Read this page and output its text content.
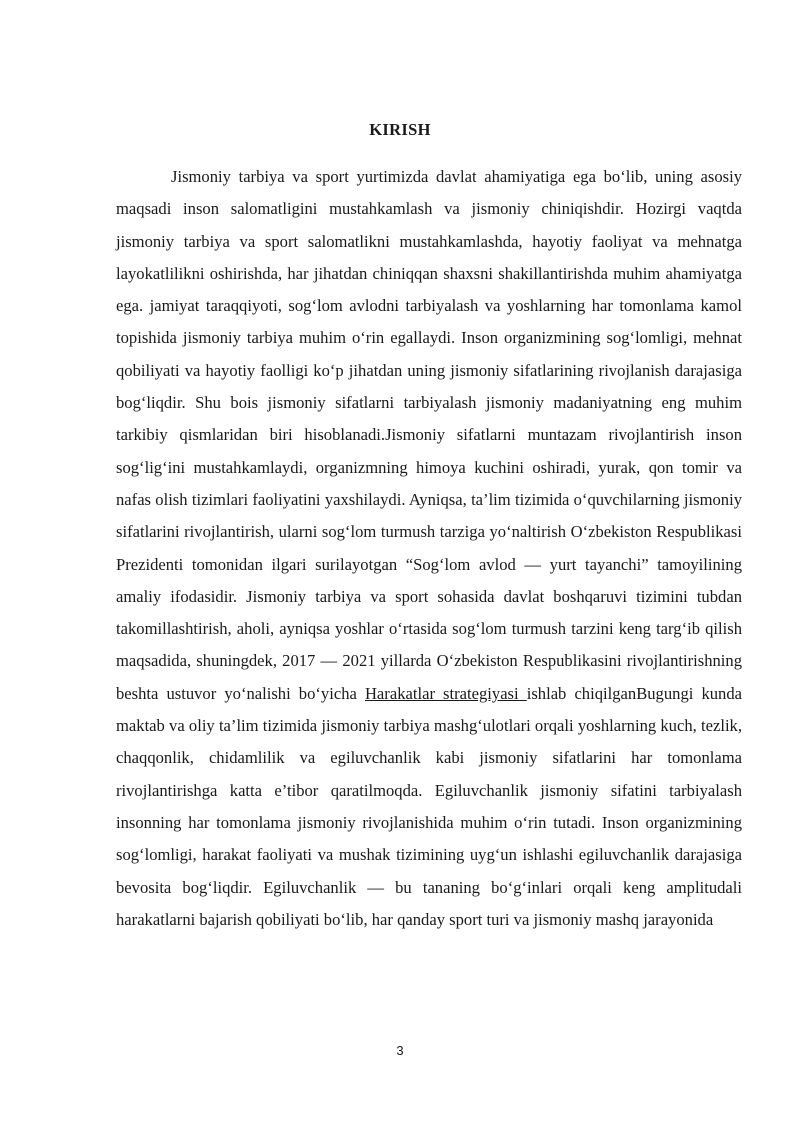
KIRISH

Jismoniy tarbiya va sport yurtimizda davlat ahamiyatiga ega bo‘lib, uning asosiy maqsadi inson salomatligini mustahkamlash va jismoniy chiniqishdir. Hozirgi vaqtda jismoniy tarbiya va sport salomatlikni mustahkamlashda, hayotiy faoliyat va mehnatga layokatlilikni oshirishda, har jihatdan chiniqqan shaxsni shakillantirishda muhim ahamiyatga ega. jamiyat taraqqiyoti, sog‘lom avlodni tarbiyalash va yoshlarning har tomonlama kamol topishida jismoniy tarbiya muhim o‘rin egallaydi. Inson organizmining sog‘lomligi, mehnat qobiliyati va hayotiy faolligi ko‘p jihatdan uning jismoniy sifatlarining rivojlanish darajasiga bog‘liqdir. Shu bois jismoniy sifatlarni tarbiyalash jismoniy madaniyatning eng muhim tarkibiy qismlaridan biri hisoblanadi.Jismoniy sifatlarni muntazam rivojlantirish inson sog‘lig‘ini mustahkamlaydi, organizmning himoya kuchini oshiradi, yurak, qon tomir va nafas olish tizimlari faoliyatini yaxshilaydi. Ayniqsa, ta’lim tizimida o‘quvchilarning jismoniy sifatlarini rivojlantirish, ularni sog‘lom turmush tarziga yo‘naltirish O‘zbekiston Respublikasi Prezidenti tomonidan ilgari surilayotgan “Sog‘lom avlod — yurt tayanchi” tamoyilining amaliy ifodasidir. Jismoniy tarbiya va sport sohasida davlat boshqaruvi tizimini tubdan takomillashtirish, aholi, ayniqsa yoshlar o‘rtasida sog‘lom turmush tarzini keng targ‘ib qilish maqsadida, shuningdek, 2017 — 2021 yillarda O‘zbekiston Respublikasini rivojlantirishning beshta ustuvor yo‘nalishi bo‘yicha Harakatlar strategiyasi ishlab chiqilganBugungi kunda maktab va oliy ta’lim tizimida jismoniy tarbiya mashg‘ulotlari orqali yoshlarning kuch, tezlik, chaqqonlik, chidamlilik va egiluvchanlik kabi jismoniy sifatlarini har tomonlama rivojlantirishga katta e’tibor qaratilmoqda. Egiluvchanlik jismoniy sifatini tarbiyalash insonning har tomonlama jismoniy rivojlanishida muhim o‘rin tutadi. Inson organizmining sog‘lomligi, harakat faoliyati va mushak tizimining uyg‘un ishlashi egiluvchanlik darajasiga bevosita bog‘liqdir. Egiluvchanlik — bu tananing bo‘g‘inlari orqali keng amplitudali harakatlarni bajarish qobiliyati bo‘lib, har qanday sport turi va jismoniy mashq jarayonida

3
